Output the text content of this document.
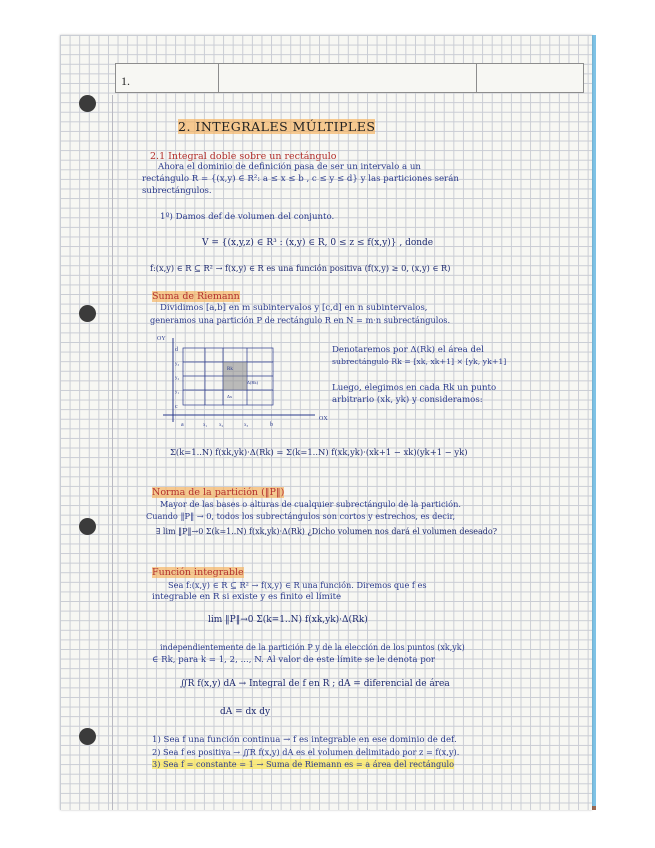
1.
2. INTEGRALES MÚLTIPLES
2.1 Integral doble sobre un rectángulo
Ahora el dominio de definición pasa de ser un intervalo a un
rectángulo R = {(x,y) ∈ R²: a ≤ x ≤ b , c ≤ y ≤ d} y las particiones serán
subrectángulos.
1º) Damos def de volumen del conjunto.
V = {(x,y,z) ∈ R³ : (x,y) ∈ R, 0 ≤ z ≤ f(x,y)} , donde
f:(x,y) ∈ R ⊆ R² → f(x,y) ∈ R es una función positiva (f(x,y) ≥ 0, (x,y) ∈ R)
Suma de Riemann
Dividimos [a,b] en m subintervalos y [c,d] en n subintervalos,
generamos una partición P de rectángulo R en N = m·n subrectángulos.
OY
OX
d
y₃
y₂
y₁
c
a	x₁ x₂	x₃	b
Rk
Δ(Rk)
Δx
Denotaremos por Δ(Rk) el área del
subrectángulo Rk = [xk, xk+1] × [yk, yk+1]
Luego, elegimos en cada Rk un punto
arbitrario (xk, yk) y consideramos:
Σ(k=1..N) f(xk,yk)·Δ(Rk) = Σ(k=1..N) f(xk,yk)·(xk+1 − xk)(yk+1 − yk)
Norma de la partición (‖P‖)
Mayor de las bases o alturas de cualquier subrectángulo de la partición.
Cuando ‖P‖ → 0, todos los subrectángulos son cortos y estrechos, es decir,
∃ lim ‖P‖→0 Σ(k=1..N) f(xk,yk)·Δ(Rk) ¿Dicho volumen nos dará el volumen deseado?
Función integrable
Sea f:(x,y) ∈ R ⊆ R² → f(x,y) ∈ R una función. Diremos que f es
integrable en R si existe y es finito el límite
lim ‖P‖→0 Σ(k=1..N) f(xk,yk)·Δ(Rk)
independientemente de la partición P y de la elección de los puntos (xk,yk)
∈ Rk, para k = 1, 2, ..., N. Al valor de este límite se le denota por
∬R f(x,y) dA → Integral de f en R ; dA = diferencial de área
dA = dx dy
1) Sea f una función continua → f es integrable en ese dominio de def.
2) Sea f es positiva → ∬R f(x,y) dA es el volumen delimitado por z = f(x,y).
3) Sea f = constante = 1 → Suma de Riemann es = a área del rectángulo
